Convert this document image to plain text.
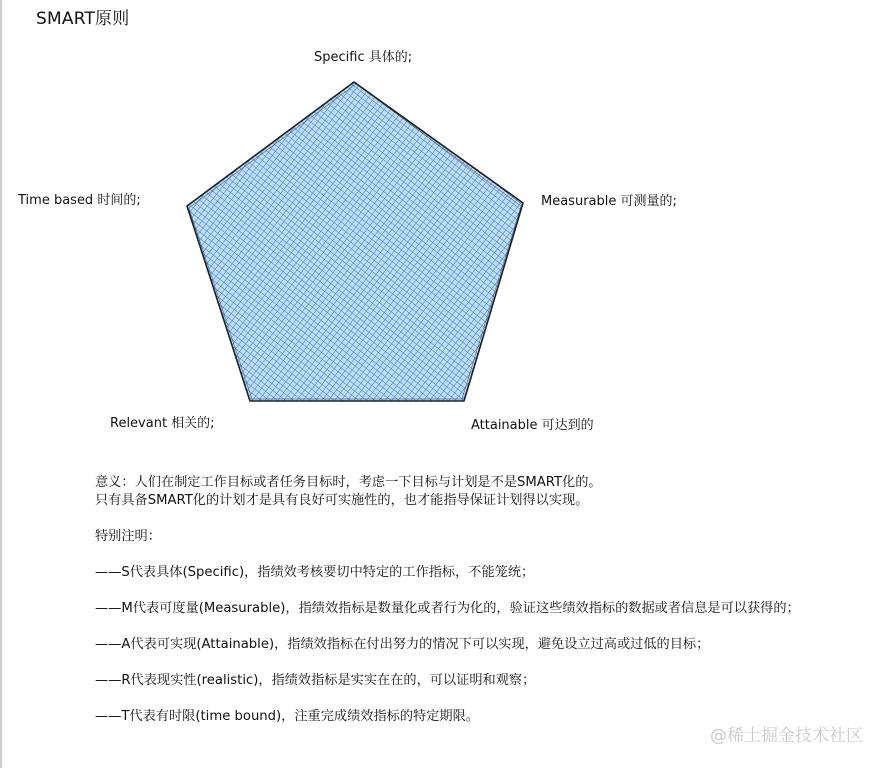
SMART原则
Specific 具体的;
Measurable 可测量的;
Attainable 可达到的
Relevant 相关的;
Time based 时间的;
意义：人们在制定工作目标或者任务目标时，考虑一下目标与计划是不是SMART化的。
只有具备SMART化的计划才是具有良好可实施性的，也才能指导保证计划得以实现。
特别注明：
——S代表具体(Specific)，指绩效考核要切中特定的工作指标，不能笼统；
——M代表可度量(Measurable)，指绩效指标是数量化或者行为化的，验证这些绩效指标的数据或者信息是可以获得的；
——A代表可实现(Attainable)，指绩效指标在付出努力的情况下可以实现，避免设立过高或过低的目标；
——R代表现实性(realistic)，指绩效指标是实实在在的，可以证明和观察；
——T代表有时限(time bound)，注重完成绩效指标的特定期限。
@稀土掘金技术社区
